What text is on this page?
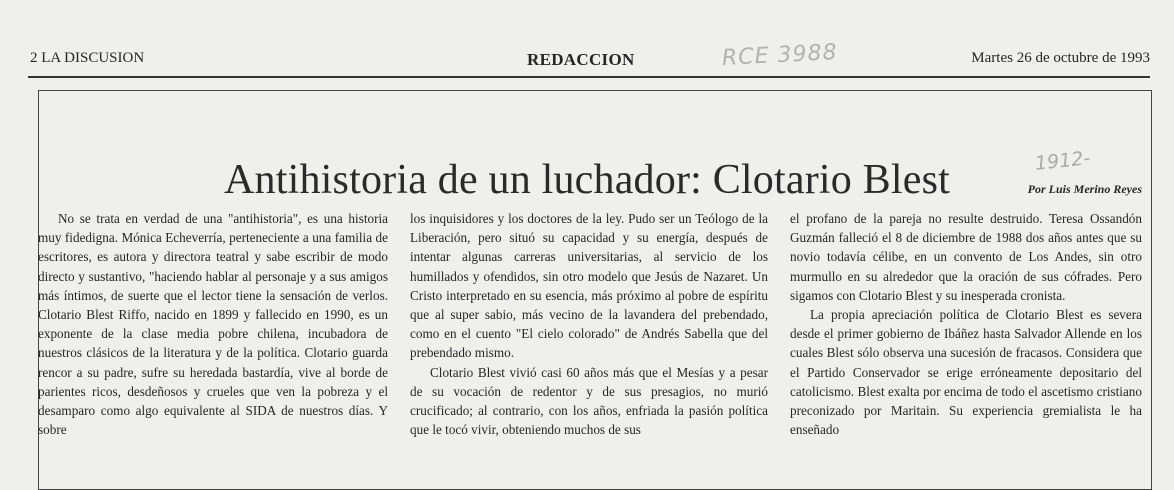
2 LA DISCUSION	REDACCION	RCE 3988	Martes 26 de octubre de 1993
Antihistoria de un luchador: Clotario Blest	1912-
Por Luis Merino Reyes

No se trata en verdad de una "antihistoria", es una historia muy fidedigna. Mónica Echeverría, perteneciente a una familia de escritores, es autora y directora teatral y sabe escribir de modo directo y sustantivo, "haciendo hablar al personaje y a sus amigos más íntimos, de suerte que el lector tiene la sensación de verlos. Clotario Blest Riffo, nacido en 1899 y fallecido en 1990, es un exponente de la clase media pobre chilena, incubadora de nuestros clásicos de la literatura y de la política. Clotario guarda rencor a su padre, sufre su heredada bastardía, vive al borde de parientes ricos, desdeñosos y crueles que ven la pobreza y el desamparo como algo equivalente al SIDA de nuestros días. Y sobre

los inquisidores y los doctores de la ley. Pudo ser un Teólogo de la Liberación, pero situó su capacidad y su energía, después de intentar algunas carreras universitarias, al servicio de los humillados y ofendidos, sin otro modelo que Jesús de Nazaret. Un Cristo interpretado en su esencia, más próximo al pobre de espíritu que al super sabio, más vecino de la lavandera del prebendado, como en el cuento "El cielo colorado" de Andrés Sabella que del prebendado mismo.

Clotario Blest vivió casi 60 años más que el Mesías y a pesar de su vocación de redentor y de sus presagios, no murió crucificado; al contrario, con los años, enfriada la pasión política que le tocó vivir, obteniendo muchos de sus

el profano de la pareja no resulte destruido. Teresa Ossandón Guzmán falleció el 8 de diciembre de 1988 dos años antes que su novio todavía célibe, en un convento de Los Andes, sin otro murmullo en su alrededor que la oración de sus cófrades. Pero sigamos con Clotario Blest y su inesperada cronista.

La propia apreciación política de Clotario Blest es severa desde el primer gobierno de Ibáñez hasta Salvador Allende en los cuales Blest sólo observa una sucesión de fracasos. Considera que el Partido Conservador se erige erróneamente depositario del catolicismo. Blest exalta por encima de todo el ascetismo cristiano preconizado por Maritain. Su experiencia gremialista le ha enseñado
